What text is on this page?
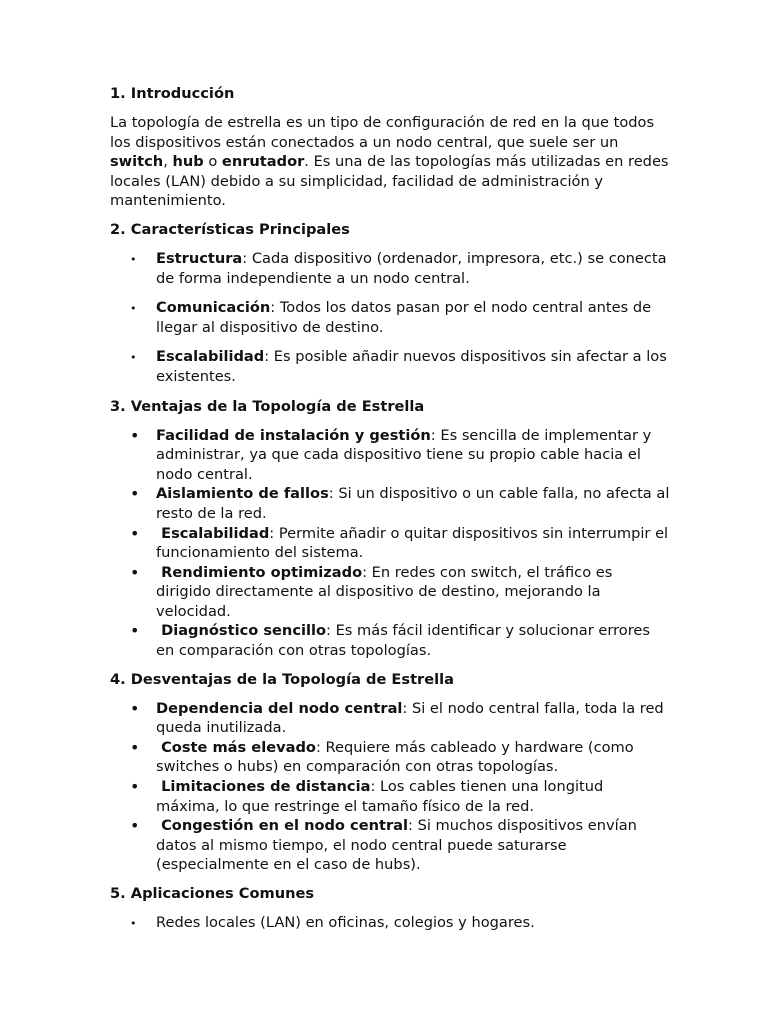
1. Introducción

La topología de estrella es un tipo de configuración de red en la que todos los dispositivos están conectados a un nodo central, que suele ser un switch, hub o enrutador. Es una de las topologías más utilizadas en redes locales (LAN) debido a su simplicidad, facilidad de administración y mantenimiento.

2. Características Principales

• Estructura: Cada dispositivo (ordenador, impresora, etc.) se conecta de forma independiente a un nodo central.
• Comunicación: Todos los datos pasan por el nodo central antes de llegar al dispositivo de destino.
• Escalabilidad: Es posible añadir nuevos dispositivos sin afectar a los existentes.

3. Ventajas de la Topología de Estrella

• Facilidad de instalación y gestión: Es sencilla de implementar y administrar, ya que cada dispositivo tiene su propio cable hacia el nodo central.
• Aislamiento de fallos: Si un dispositivo o un cable falla, no afecta al resto de la red.
• Escalabilidad: Permite añadir o quitar dispositivos sin interrumpir el funcionamiento del sistema.
• Rendimiento optimizado: En redes con switch, el tráfico es dirigido directamente al dispositivo de destino, mejorando la velocidad.
• Diagnóstico sencillo: Es más fácil identificar y solucionar errores en comparación con otras topologías.

4. Desventajas de la Topología de Estrella

• Dependencia del nodo central: Si el nodo central falla, toda la red queda inutilizada.
• Coste más elevado: Requiere más cableado y hardware (como switches o hubs) en comparación con otras topologías.
• Limitaciones de distancia: Los cables tienen una longitud máxima, lo que restringe el tamaño físico de la red.
• Congestión en el nodo central: Si muchos dispositivos envían datos al mismo tiempo, el nodo central puede saturarse (especialmente en el caso de hubs).

5. Aplicaciones Comunes

• Redes locales (LAN) en oficinas, colegios y hogares.
